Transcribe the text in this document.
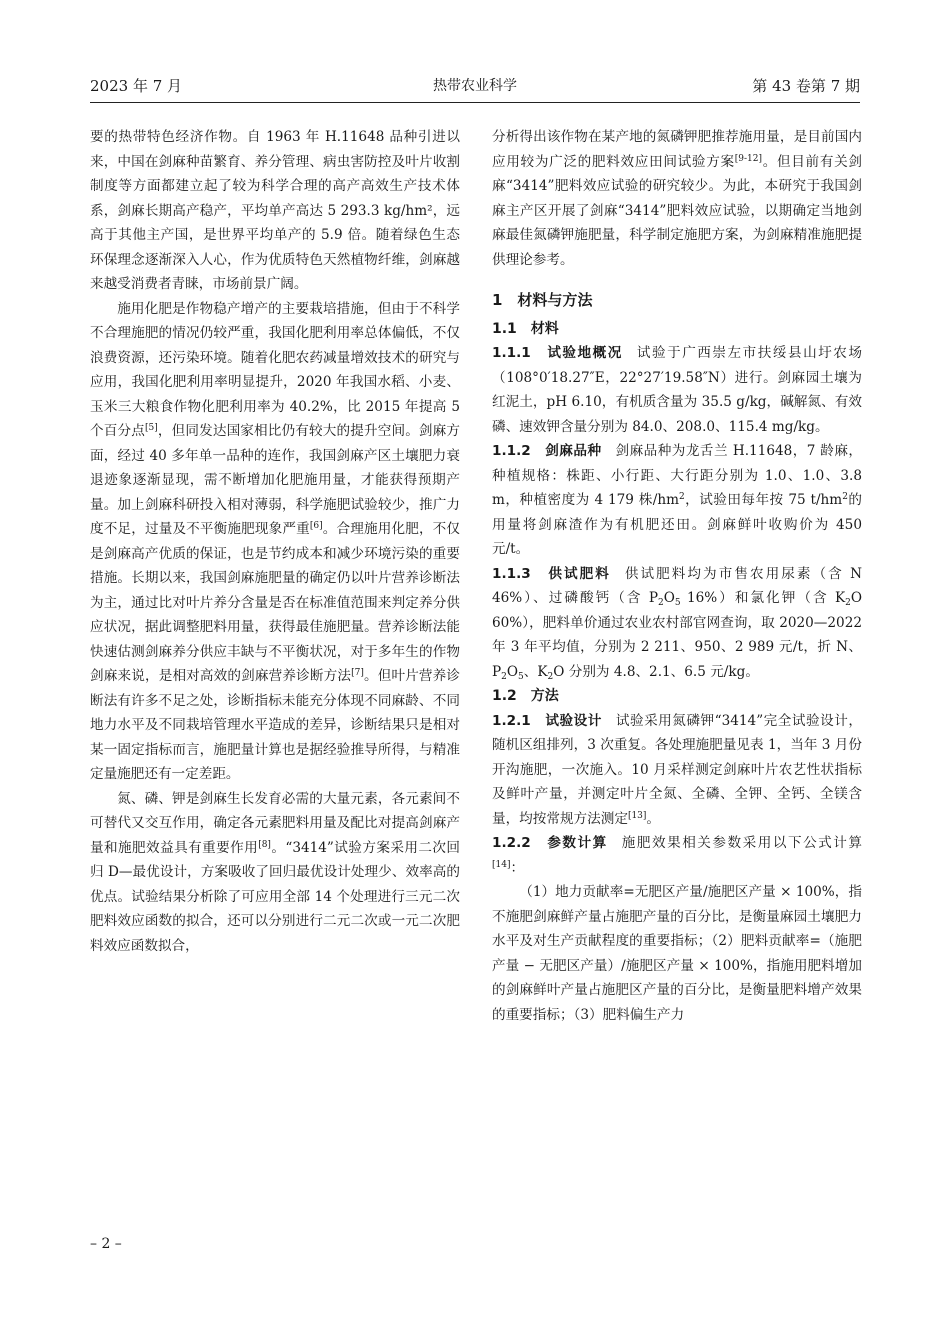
2023 年 7 月	热带农业科学	第 43 卷第 7 期

要的热带特色经济作物。自 1963 年 H.11648 品种引进以来，中国在剑麻种苗繁育、养分管理、病虫害防控及叶片收割制度等方面都建立起了较为科学合理的高产高效生产技术体系，剑麻长期高产稳产，平均单产高达 5 293.3 kg/hm²，远高于其他主产国，是世界平均单产的 5.9 倍。随着绿色生态环保理念逐渐深入人心，作为优质特色天然植物纤维，剑麻越来越受消费者青睐，市场前景广阔。

施用化肥是作物稳产增产的主要栽培措施，但由于不科学不合理施肥的情况仍较严重，我国化肥利用率总体偏低，不仅浪费资源，还污染环境。随着化肥农药减量增效技术的研究与应用，我国化肥利用率明显提升，2020 年我国水稻、小麦、玉米三大粮食作物化肥利用率为 40.2%，比 2015 年提高 5 个百分点[5]，但同发达国家相比仍有较大的提升空间。剑麻方面，经过 40 多年单一品种的连作，我国剑麻产区土壤肥力衰退迹象逐渐显现，需不断增加化肥施用量，才能获得预期产量。加上剑麻科研投入相对薄弱，科学施肥试验较少，推广力度不足，过量及不平衡施肥现象严重[6]。合理施用化肥，不仅是剑麻高产优质的保证，也是节约成本和减少环境污染的重要措施。长期以来，我国剑麻施肥量的确定仍以叶片营养诊断法为主，通过比对叶片养分含量是否在标准值范围来判定养分供应状况，据此调整肥料用量，获得最佳施肥量。营养诊断法能快速估测剑麻养分供应丰缺与不平衡状况，对于多年生的作物剑麻来说，是相对高效的剑麻营养诊断方法[7]。但叶片营养诊断法有许多不足之处，诊断指标未能充分体现不同麻龄、不同地力水平及不同栽培管理水平造成的差异，诊断结果只是相对某一固定指标而言，施肥量计算也是据经验推导所得，与精准定量施肥还有一定差距。

氮、磷、钾是剑麻生长发育必需的大量元素，各元素间不可替代又交互作用，确定各元素肥料用量及配比对提高剑麻产量和施肥效益具有重要作用[8]。“3414”试验方案采用二次回归 D—最优设计，方案吸收了回归最优设计处理少、效率高的优点。试验结果分析除了可应用全部 14 个处理进行三元二次肥料效应函数的拟合，还可以分别进行二元二次或一元二次肥料效应函数拟合，

分析得出该作物在某产地的氮磷钾肥推荐施用量，是目前国内应用较为广泛的肥料效应田间试验方案[9-12]。但目前有关剑麻“3414”肥料效应试验的研究较少。为此，本研究于我国剑麻主产区开展了剑麻“3414”肥料效应试验，以期确定当地剑麻最佳氮磷钾施肥量，科学制定施肥方案，为剑麻精准施肥提供理论参考。

1　材料与方法

1.1　材料

1.1.1　试验地概况 试验于广西崇左市扶绥县山圩农场（108°0′18.27″E，22°27′19.58″N）进行。剑麻园土壤为红泥土，pH 6.10，有机质含量为 35.5 g/kg，碱解氮、有效磷、速效钾含量分别为 84.0、208.0、115.4 mg/kg。

1.1.2　剑麻品种 剑麻品种为龙舌兰 H.11648，7 龄麻，种植规格：株距、小行距、大行距分别为 1.0、1.0、3.8 m，种植密度为 4 179 株$/hm^2$，试验田每年按 75 $t/hm^2$的用量将剑麻渣作为有机肥还田。剑麻鲜叶收购价为 450 元/t。

1.1.3　供试肥料 供试肥料均为市售农用尿素（含 N 46%）、过磷酸钙（含 $P_2O_5$ 16%）和氯化钾（含 $K_2O$ 60%），肥料单价通过农业农村部官网查询，取 2020—2022 年 3 年平均值，分别为 2 211、950、2 989 元/t，折 N、$P_2O_5$、$K_2O$ 分别为 4.8、2.1、6.5 元/kg。

1.2　方法

1.2.1　试验设计 试验采用氮磷钾“3414”完全试验设计，随机区组排列，3 次重复。各处理施肥量见表 1，当年 3 月份开沟施肥，一次施入。10 月采样测定剑麻叶片农艺性状指标及鲜叶产量，并测定叶片全氮、全磷、全钾、全钙、全镁含量，均按常规方法测定[13]。

1.2.2　参数计算 施肥效果相关参数采用以下公式计算[14]：

（1）地力贡献率=无肥区产量/施肥区产量 × 100%，指不施肥剑麻鲜产量占施肥产量的百分比，是衡量麻园土壤肥力水平及对生产贡献程度的重要指标；（2）肥料贡献率=（施肥产量 − 无肥区产量）/施肥区产量 × 100%，指施用肥料增加的剑麻鲜叶产量占施肥区产量的百分比，是衡量肥料增产效果的重要指标；（3）肥料偏生产力

– 2 –
